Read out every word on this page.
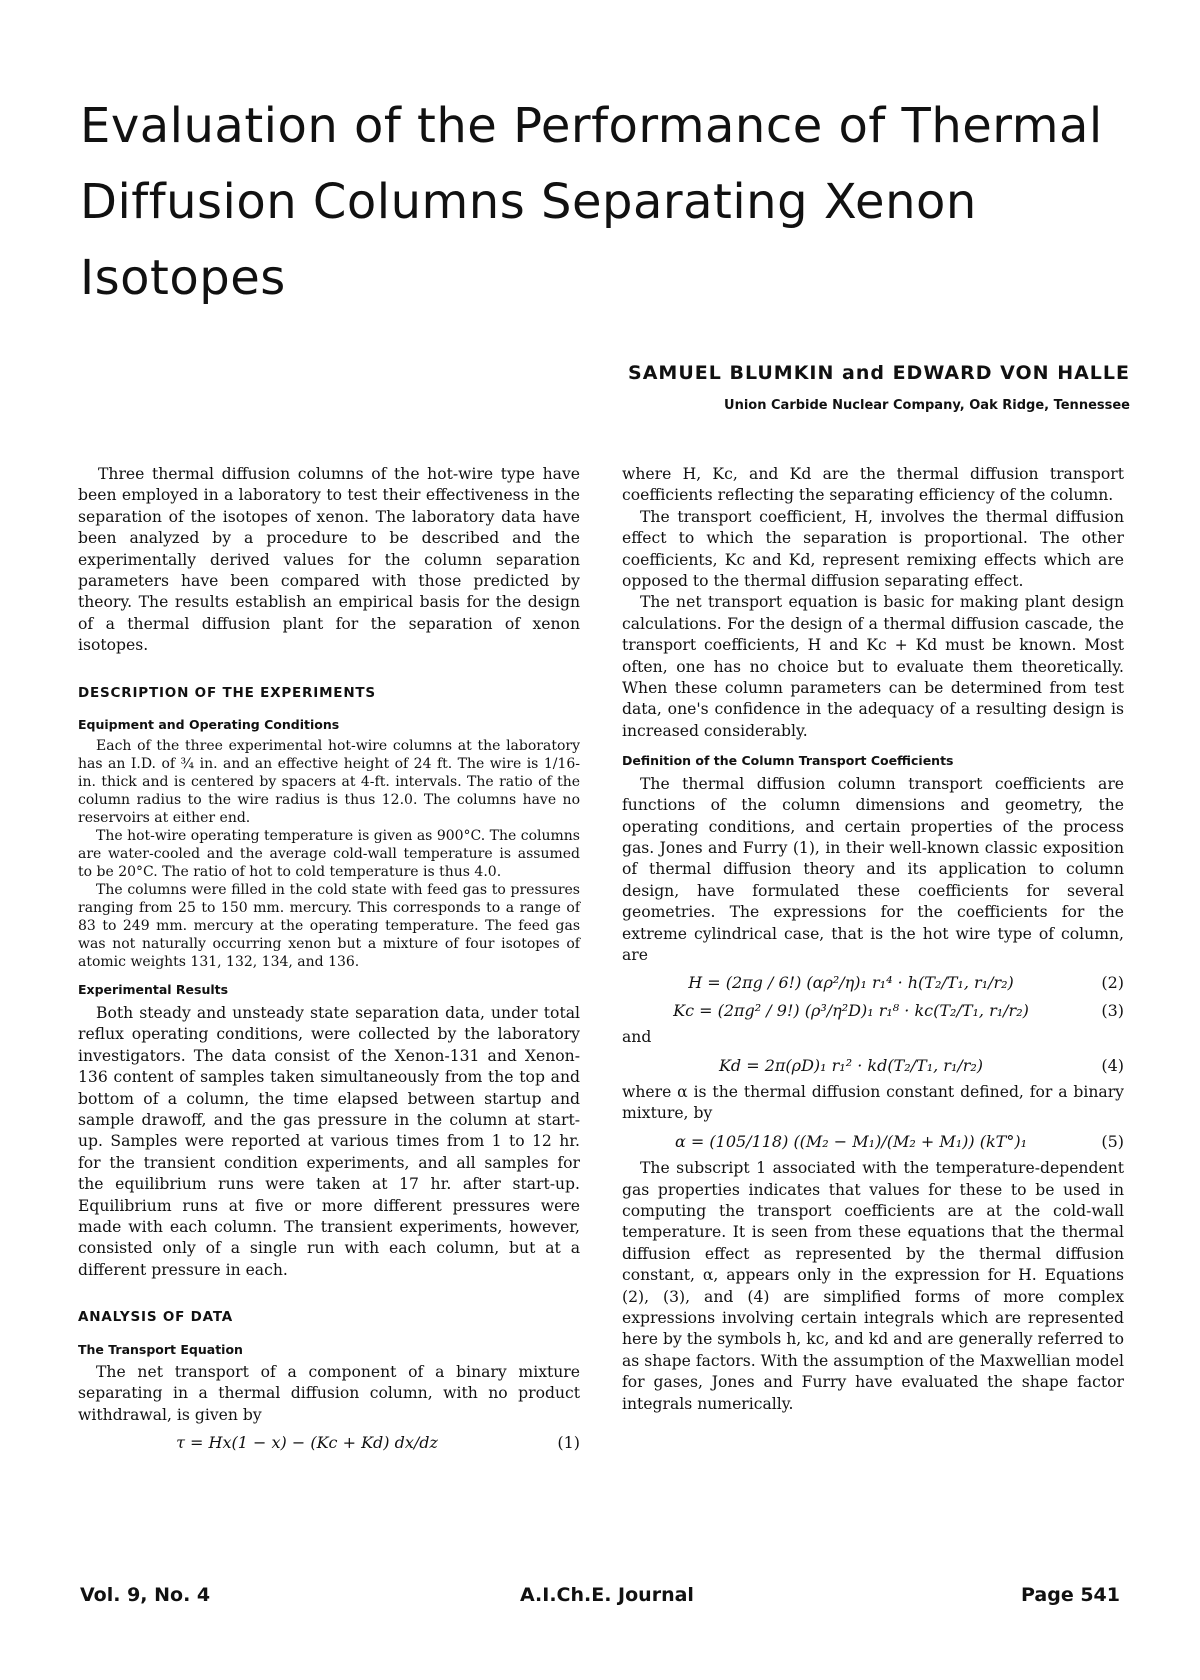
Evaluation of the Performance of Thermal Diffusion Columns Separating Xenon Isotopes
SAMUEL BLUMKIN and EDWARD VON HALLE
Union Carbide Nuclear Company, Oak Ridge, Tennessee

Three thermal diffusion columns of the hot-wire type have been employed in a laboratory to test their effectiveness in the separation of the isotopes of xenon. The laboratory data have been analyzed by a procedure to be described and the experimentally derived values for the column separation parameters have been compared with those predicted by theory. The results establish an empirical basis for the design of a thermal diffusion plant for the separation of xenon isotopes.

DESCRIPTION OF THE EXPERIMENTS
Equipment and Operating Conditions

Each of the three experimental hot-wire columns at the laboratory has an I.D. of ¾ in. and an effective height of 24 ft. The wire is 1/16-in. thick and is centered by spacers at 4-ft. intervals. The ratio of the column radius to the wire radius is thus 12.0. The columns have no reservoirs at either end.

The hot-wire operating temperature is given as 900°C. The columns are water-cooled and the average cold-wall temperature is assumed to be 20°C. The ratio of hot to cold temperature is thus 4.0.

The columns were filled in the cold state with feed gas to pressures ranging from 25 to 150 mm. mercury. This corresponds to a range of 83 to 249 mm. mercury at the operating temperature. The feed gas was not naturally occurring xenon but a mixture of four isotopes of atomic weights 131, 132, 134, and 136.

Experimental Results

Both steady and unsteady state separation data, under total reflux operating conditions, were collected by the laboratory investigators. The data consist of the Xenon-131 and Xenon-136 content of samples taken simultaneously from the top and bottom of a column, the time elapsed between startup and sample drawoff, and the gas pressure in the column at start-up. Samples were reported at various times from 1 to 12 hr. for the transient condition experiments, and all samples for the equilibrium runs were taken at 17 hr. after start-up. Equilibrium runs at five or more different pressures were made with each column. The transient experiments, however, consisted only of a single run with each column, but at a different pressure in each.

ANALYSIS OF DATA
The Transport Equation

The net transport of a component of a binary mixture separating in a thermal diffusion column, with no product withdrawal, is given by

τ = Hx(1 − x) − (Kc + Kd) dx/dz	(1)

where H, Kc, and Kd are the thermal diffusion transport coefficients reflecting the separating efficiency of the column.

The transport coefficient, H, involves the thermal diffusion effect to which the separation is proportional. The other coefficients, Kc and Kd, represent remixing effects which are opposed to the thermal diffusion separating effect.

The net transport equation is basic for making plant design calculations. For the design of a thermal diffusion cascade, the transport coefficients, H and Kc + Kd must be known. Most often, one has no choice but to evaluate them theoretically. When these column parameters can be determined from test data, one's confidence in the adequacy of a resulting design is increased considerably.

Definition of the Column Transport Coefficients

The thermal diffusion column transport coefficients are functions of the column dimensions and geometry, the operating conditions, and certain properties of the process gas. Jones and Furry (1), in their well-known classic exposition of thermal diffusion theory and its application to column design, have formulated these coefficients for several geometries. The expressions for the coefficients for the extreme cylindrical case, that is the hot wire type of column, are

H = (2πg / 6!) (αρ²/η)₁ r₁⁴ · h(T₂/T₁, r₁/r₂)	(2)
Kc = (2πg² / 9!) (ρ³/η²D)₁ r₁⁸ · kc(T₂/T₁, r₁/r₂)	(3)

and

Kd = 2π(ρD)₁ r₁² · kd(T₂/T₁, r₁/r₂)	(4)

where α is the thermal diffusion constant defined, for a binary mixture, by

α = (105/118) ((M₂ − M₁)/(M₂ + M₁)) (kT°)₁	(5)

The subscript 1 associated with the temperature-dependent gas properties indicates that values for these to be used in computing the transport coefficients are at the cold-wall temperature. It is seen from these equations that the thermal diffusion effect as represented by the thermal diffusion constant, α, appears only in the expression for H. Equations (2), (3), and (4) are simplified forms of more complex expressions involving certain integrals which are represented here by the symbols h, kc, and kd and are generally referred to as shape factors. With the assumption of the Maxwellian model for gases, Jones and Furry have evaluated the shape factor integrals numerically.

Vol. 9, No. 4	A.I.Ch.E. Journal	Page 541
